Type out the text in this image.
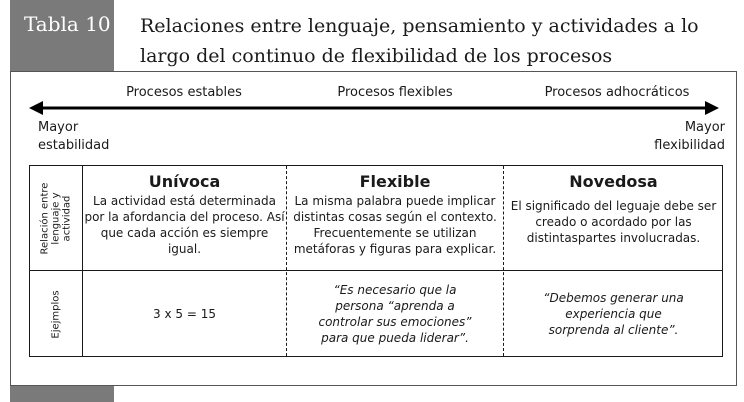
Tabla 10 Relaciones entre lenguaje, pensamiento y actividades a lo largo del continuo de flexibilidad de los procesos
Procesos estables	Procesos flexibles	Procesos adhocráticos
Mayor
estabilidad
Mayor
flexibilidad
Relación entre
lenguaje y
actividad
Ejejmplos
Unívoca

La actividad está determinada por la afordancia del proceso. Así que cada acción es siempre igual.

Flexible

La misma palabra puede implicar distintas cosas según el contexto. Frecuentemente se utilizan metáforas y figuras para explicar.

Novedosa

El significado del leguaje debe ser creado o acordado por las distintaspartes involucradas.

3 x 5 = 15
“Es necesario que la persona “aprenda a controlar sus emociones” para que pueda liderar”.
“Debemos generar una experiencia que sorprenda al cliente”.
